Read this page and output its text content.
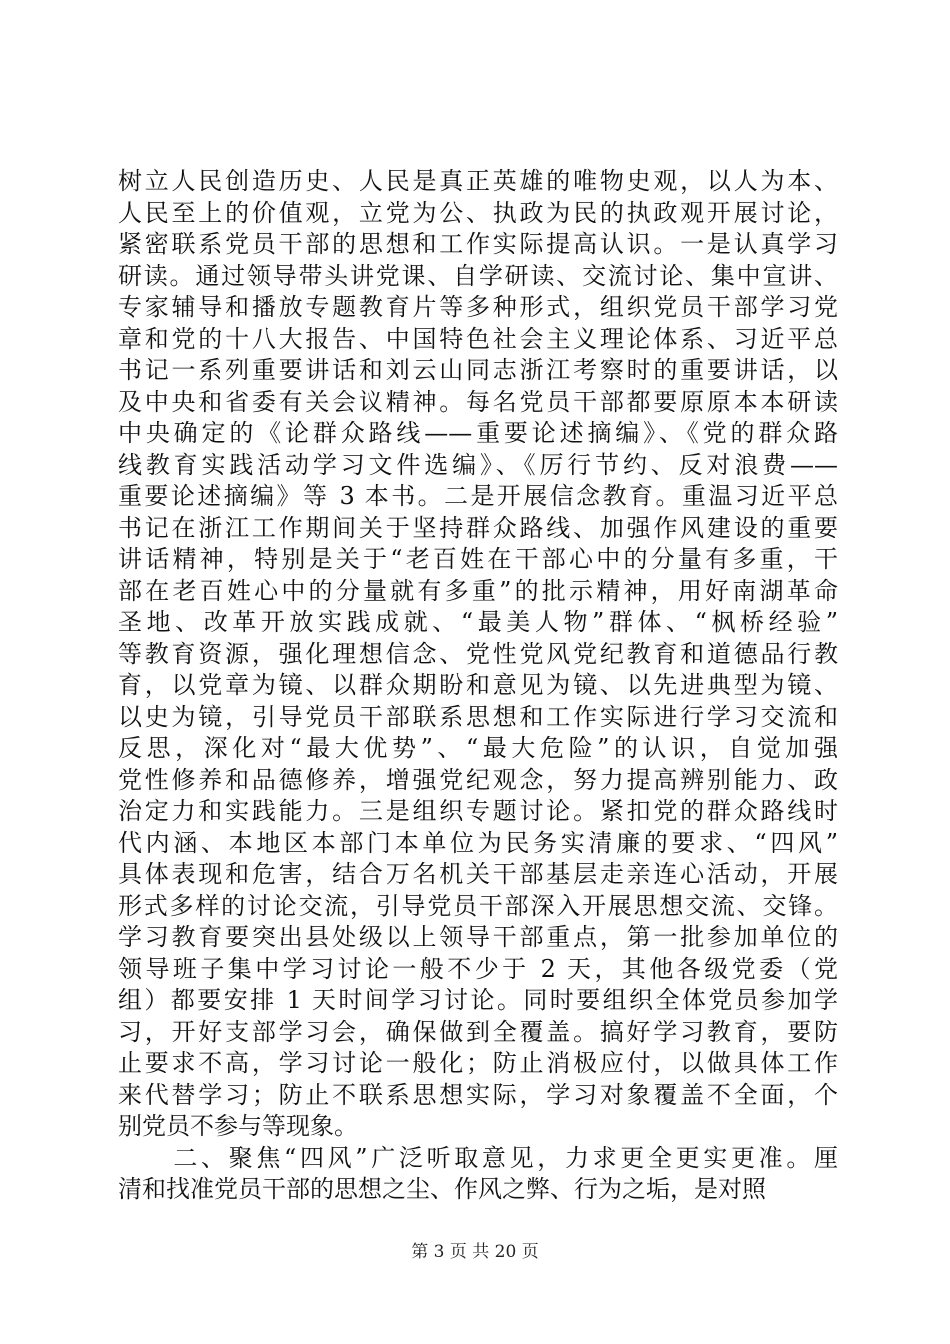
树立人民创造历史、人民是真正英雄的唯物史观，以人为本、
人民至上的价值观，立党为公、执政为民的执政观开展讨论，
紧密联系党员干部的思想和工作实际提高认识。一是认真学习
研读。通过领导带头讲党课、自学研读、交流讨论、集中宣讲、
专家辅导和播放专题教育片等多种形式，组织党员干部学习党
章和党的十八大报告、中国特色社会主义理论体系、习近平总
书记一系列重要讲话和刘云山同志浙江考察时的重要讲话，以
及中央和省委有关会议精神。每名党员干部都要原原本本研读
中央确定的《论群众路线——重要论述摘编》、《党的群众路
线教育实践活动学习文件选编》、《厉行节约、反对浪费——
重要论述摘编》等 3 本书。二是开展信念教育。重温习近平总
书记在浙江工作期间关于坚持群众路线、加强作风建设的重要
讲话精神，特别是关于“老百姓在干部心中的分量有多重，干
部在老百姓心中的分量就有多重”的批示精神，用好南湖革命
圣地、改革开放实践成就、“最美人物”群体、“枫桥经验”
等教育资源，强化理想信念、党性党风党纪教育和道德品行教
育，以党章为镜、以群众期盼和意见为镜、以先进典型为镜、
以史为镜，引导党员干部联系思想和工作实际进行学习交流和
反思，深化对“最大优势”、“最大危险”的认识，自觉加强
党性修养和品德修养，增强党纪观念，努力提高辨别能力、政
治定力和实践能力。三是组织专题讨论。紧扣党的群众路线时
代内涵、本地区本部门本单位为民务实清廉的要求、“四风”
具体表现和危害，结合万名机关干部基层走亲连心活动，开展
形式多样的讨论交流，引导党员干部深入开展思想交流、交锋。
学习教育要突出县处级以上领导干部重点，第一批参加单位的
领导班子集中学习讨论一般不少于 2 天，其他各级党委（党
组）都要安排 1 天时间学习讨论。同时要组织全体党员参加学
习，开好支部学习会，确保做到全覆盖。搞好学习教育，要防
止要求不高，学习讨论一般化；防止消极应付，以做具体工作
来代替学习；防止不联系思想实际，学习对象覆盖不全面，个
别党员不参与等现象。
　　二、聚焦“四风”广泛听取意见，力求更全更实更准。厘
清和找准党员干部的思想之尘、作风之弊、行为之垢，是对照
第 3 页 共 20 页
